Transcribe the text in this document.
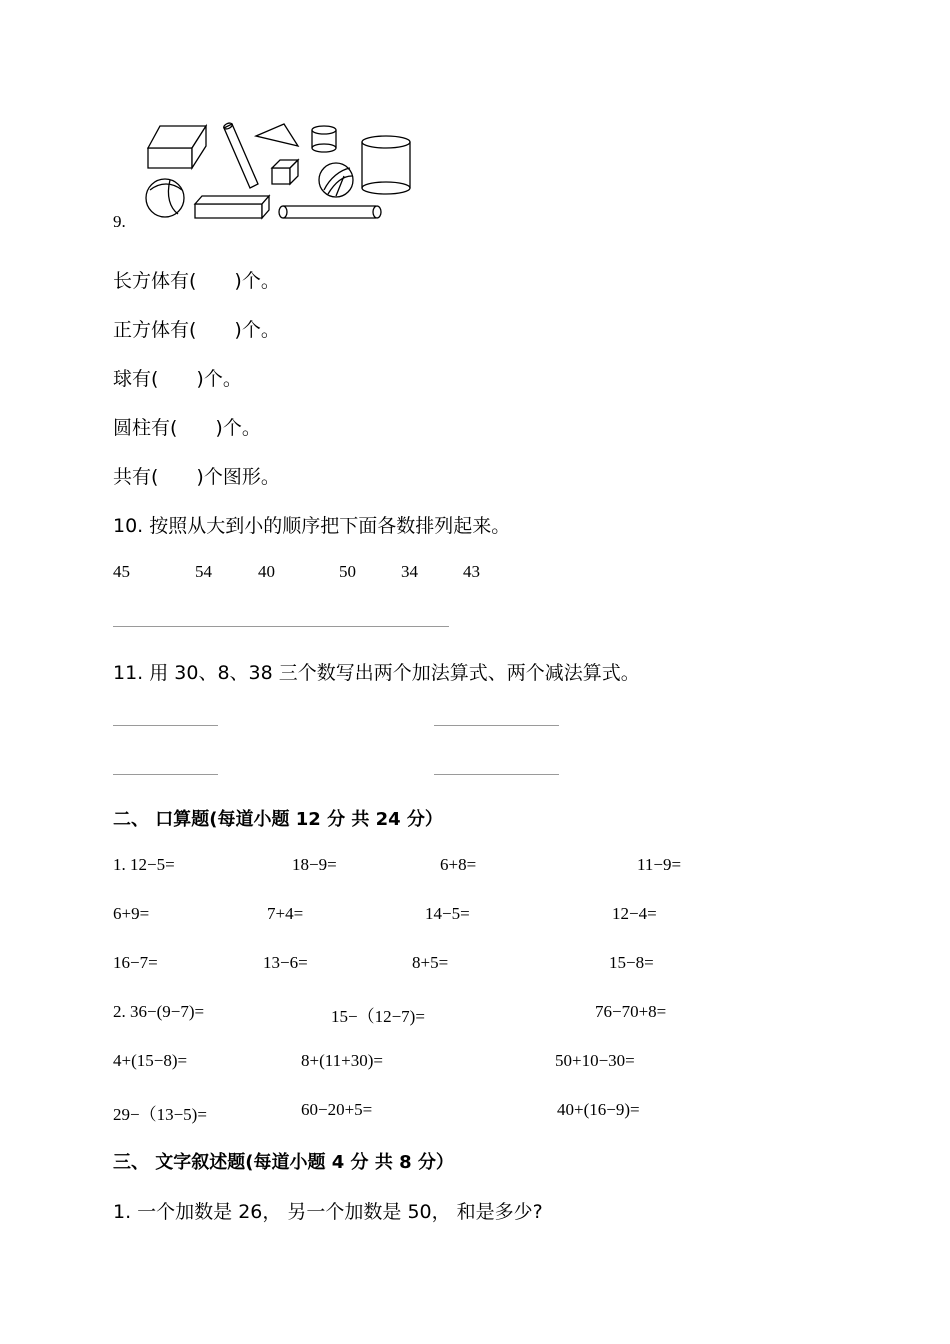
9.
长方体有(　　)个。
正方体有(　　)个。
球有(　　)个。
圆柱有(　　)个。
共有(　　)个图形。
10. 按照从大到小的顺序把下面各数排列起来。
45	54	40	50	34	43
11. 用 30、8、38 三个数写出两个加法算式、两个减法算式。
二、 口算题(每道小题 12 分 共 24 分）
1. 12−5=	18−9=	6+8=	11−9=
6+9=	7+4=	14−5=	12−4=
16−7=	13−6=	8+5=	15−8=
2. 36−(9−7)=	15−（12−7)=	76−70+8=
4+(15−8)=	8+(11+30)=	50+10−30=
29−（13−5)=	60−20+5=	40+(16−9)=
三、 文字叙述题(每道小题 4 分 共 8 分）
1. 一个加数是 26， 另一个加数是 50， 和是多少?
